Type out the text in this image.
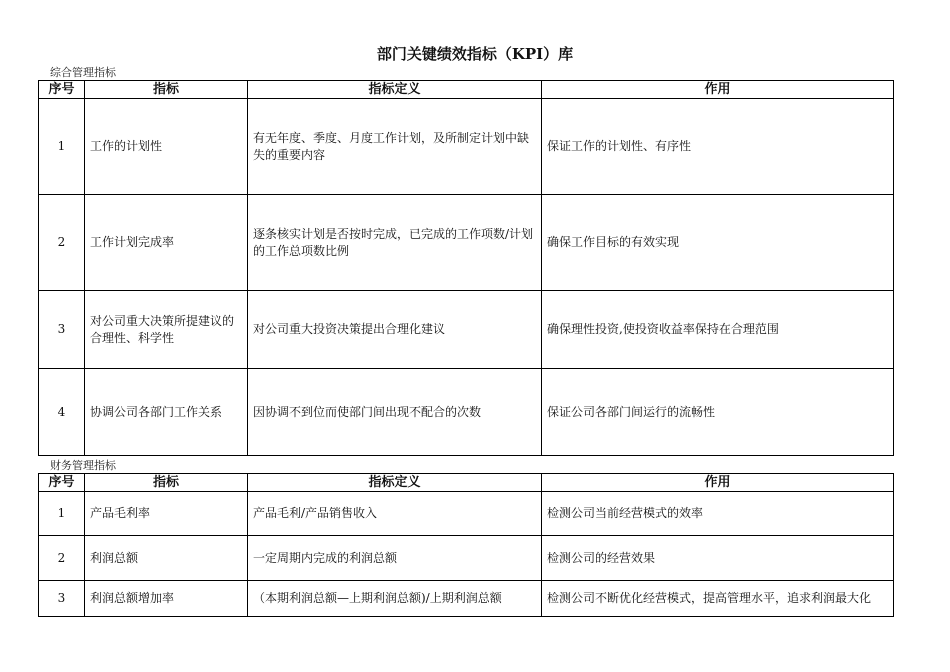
部门关键绩效指标（KPI）库
综合管理指标
序号	指标	指标定义	作用
1	工作的计划性	有无年度、季度、月度工作计划，及所制定计划中缺失的重要内容	保证工作的计划性、有序性
2	工作计划完成率	逐条核实计划是否按时完成，已完成的工作项数/计划的工作总项数比例	确保工作目标的有效实现
3	对公司重大决策所提建议的合理性、科学性	对公司重大投资决策提出合理化建议	确保理性投资,使投资收益率保持在合理范围
4	协调公司各部门工作关系	因协调不到位而使部门间出现不配合的次数	保证公司各部门间运行的流畅性
财务管理指标
序号	指标	指标定义	作用
1	产品毛利率	产品毛利/产品销售收入	检测公司当前经营模式的效率
2	利润总额	一定周期内完成的利润总额	检测公司的经营效果
3	利润总额增加率	（本期利润总额—上期利润总额)/上期利润总额	检测公司不断优化经营模式，提高管理水平，追求利润最大化
